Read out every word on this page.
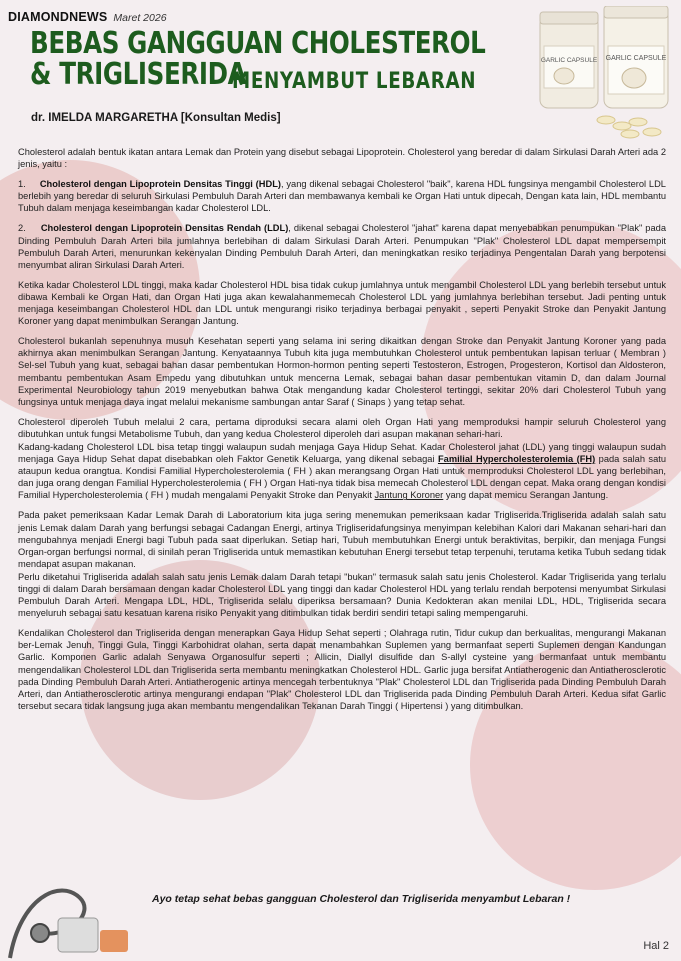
DIAMONDNEWS Maret 2026
BEBAS GANGGUAN CHOLESTEROL
& TRIGLISERIDA
MENYAMBUT LEBARAN
GARLIC CAPSULE GARLIC CAPSULE
dr. IMELDA MARGARETHA [Konsultan Medis]

Cholesterol adalah bentuk ikatan antara Lemak dan Protein yang disebut sebagai Lipoprotein. Cholesterol yang beredar di dalam Sirkulasi Darah Arteri ada 2 jenis, yaitu :

1. Cholesterol dengan Lipoprotein Densitas Tinggi (HDL), yang dikenal sebagai Cholesterol "baik", karena HDL fungsinya mengambil Cholesterol LDL berlebih yang beredar di seluruh Sirkulasi Pembuluh Darah Arteri dan membawanya kembali ke Organ Hati untuk dipecah, Dengan kata lain, HDL membantu Tubuh dalam menjaga keseimbangan kadar Cholesterol LDL.

2. Cholesterol dengan Lipoprotein Densitas Rendah (LDL), dikenal sebagai Cholesterol "jahat" karena dapat menyebabkan penumpukan "Plak" pada Dinding Pembuluh Darah Arteri bila jumlahnya berlebihan di dalam Sirkulasi Darah Arteri. Penumpukan "Plak" Cholesterol LDL dapat mempersempit Pembuluh Darah Arteri, menurunkan kekenyalan Dinding Pembuluh Darah Arteri, dan meningkatkan resiko terjadinya Pengentalan Darah yang berpotensi menyumbat aliran Sirkulasi Darah Arteri.

Ketika kadar Cholesterol LDL tinggi, maka kadar Cholesterol HDL bisa tidak cukup jumlahnya untuk mengambil Cholesterol LDL yang berlebih tersebut untuk dibawa Kembali ke Organ Hati, dan Organ Hati juga akan kewalahanmemecah Cholesterol LDL yang jumlahnya berlebihan tersebut. Jadi penting untuk menjaga keseimbangan Cholesterol HDL dan LDL untuk mengurangi risiko terjadinya berbagai penyakit , seperti Penyakit Stroke dan Penyakit Jantung Koroner yang dapat menimbulkan Serangan Jantung.

Cholesterol bukanlah sepenuhnya musuh Kesehatan seperti yang selama ini sering dikaitkan dengan Stroke dan Penyakit Jantung Koroner yang pada akhirnya akan menimbulkan Serangan Jantung. Kenyataannya Tubuh kita juga membutuhkan Cholesterol untuk pembentukan lapisan terluar ( Membran ) Sel-sel Tubuh yang kuat, sebagai bahan dasar pembentukan Hormon-hormon penting seperti Testosteron, Estrogen, Progesteron, Kortisol dan Aldosteron, membantu pembentukan Asam Empedu yang dibutuhkan untuk mencerna Lemak, sebagai bahan dasar pembentukan vitamin D, dan dalam Journal Experimental Neurobiology tahun 2019 menyebutkan bahwa Otak mengandung kadar Cholesterol tertinggi, sekitar 20% dari Cholesterol Tubuh yang fungsinya untuk menjaga daya ingat melalui mekanisme sambungan antar Saraf ( Sinaps ) yang tetap sehat.

Cholesterol diperoleh Tubuh melalui 2 cara, pertama diproduksi secara alami oleh Organ Hati yang memproduksi hampir seluruh Cholesterol yang dibutuhkan untuk fungsi Metabolisme Tubuh, dan yang kedua Cholesterol diperoleh dari asupan makanan sehari-hari.

Kadang-kadang Cholesterol LDL bisa tetap tinggi walaupun sudah menjaga Gaya Hidup Sehat. Kadar Cholesterol jahat (LDL) yang tinggi walaupun sudah menjaga Gaya Hidup Sehat dapat disebabkan oleh Faktor Genetik Keluarga, yang dikenal sebagai Familial Hypercholesterolemia (FH) pada salah satu ataupun kedua orangtua. Kondisi Familial Hypercholesterolemia ( FH ) akan merangsang Organ Hati untuk memproduksi Cholesterol LDL yang berlebihan, dan juga orang dengan Familial Hypercholesterolemia ( FH ) Organ Hati-nya tidak bisa memecah Cholesterol LDL dengan cepat. Maka orang dengan kondisi Familial Hypercholesterolemia ( FH ) mudah mengalami Penyakit Stroke dan Penyakit Jantung Koroner yang dapat memicu Serangan Jantung.

Pada paket pemeriksaan Kadar Lemak Darah di Laboratorium kita juga sering menemukan pemeriksaan kadar Trigliserida.Trigliserida adalah salah satu jenis Lemak dalam Darah yang berfungsi sebagai Cadangan Energi, artinya Trigliseridafungsinya menyimpan kelebihan Kalori dari Makanan sehari-hari dan mengubahnya menjadi Energi bagi Tubuh pada saat diperlukan. Setiap hari, Tubuh membutuhkan Energi untuk beraktivitas, berpikir, dan menjaga Fungsi Organ-organ berfungsi normal, di sinilah peran Trigliserida untuk memastikan kebutuhan Energi tersebut tetap terpenuhi, terutama ketika Tubuh sedang tidak mendapat asupan makanan.

Perlu diketahui Trigliserida adalah salah satu jenis Lemak dalam Darah tetapi "bukan" termasuk salah satu jenis Cholesterol. Kadar Trigliserida yang terlalu tinggi di dalam Darah bersamaan dengan kadar Cholesterol LDL yang tinggi dan kadar Cholesterol HDL yang terlalu rendah berpotensi menyumbat Sirkulasi Pembuluh Darah Arteri. Mengapa LDL, HDL, Trigliserida selalu diperiksa bersamaan? Dunia Kedokteran akan menilai LDL, HDL, Trigliserida secara menyeluruh sebagai satu kesatuan karena risiko Penyakit yang ditimbulkan tidak berdiri sendiri tetapi saling mempengaruhi.

Kendalikan Cholesterol dan Trigliserida dengan menerapkan Gaya Hidup Sehat seperti ; Olahraga rutin, Tidur cukup dan berkualitas, mengurangi Makanan ber-Lemak Jenuh, Tinggi Gula, Tinggi Karbohidrat olahan, serta dapat menambahkan Suplemen yang bermanfaat seperti Suplemen dengan Kandungan Garlic. Komponen Garlic adalah Senyawa Organosulfur seperti ; Allicin, Diallyl disulfide dan S-allyl cysteine yang bermanfaat untuk membantu mengendalikan Cholesterol LDL dan Trigliserida serta membantu meningkatkan Cholesterol HDL. Garlic juga bersifat Antiatherogenic dan Antiatherosclerotic pada Dinding Pembuluh Darah Arteri. Antiatherogenic artinya mencegah terbentuknya "Plak" Cholesterol LDL dan Trigliserida pada Dinding Pembuluh Darah Arteri, dan Antiatherosclerotic artinya mengurangi endapan "Plak" Cholesterol LDL dan Trigliserida pada Dinding Pembuluh Darah Arteri. Kedua sifat Garlic tersebut secara tidak langsung juga akan membantu mengendalikan Tekanan Darah Tinggi ( Hipertensi ) yang ditimbulkan.

Ayo tetap sehat bebas gangguan Cholesterol dan Trigliserida menyambut Lebaran !
Hal 2
